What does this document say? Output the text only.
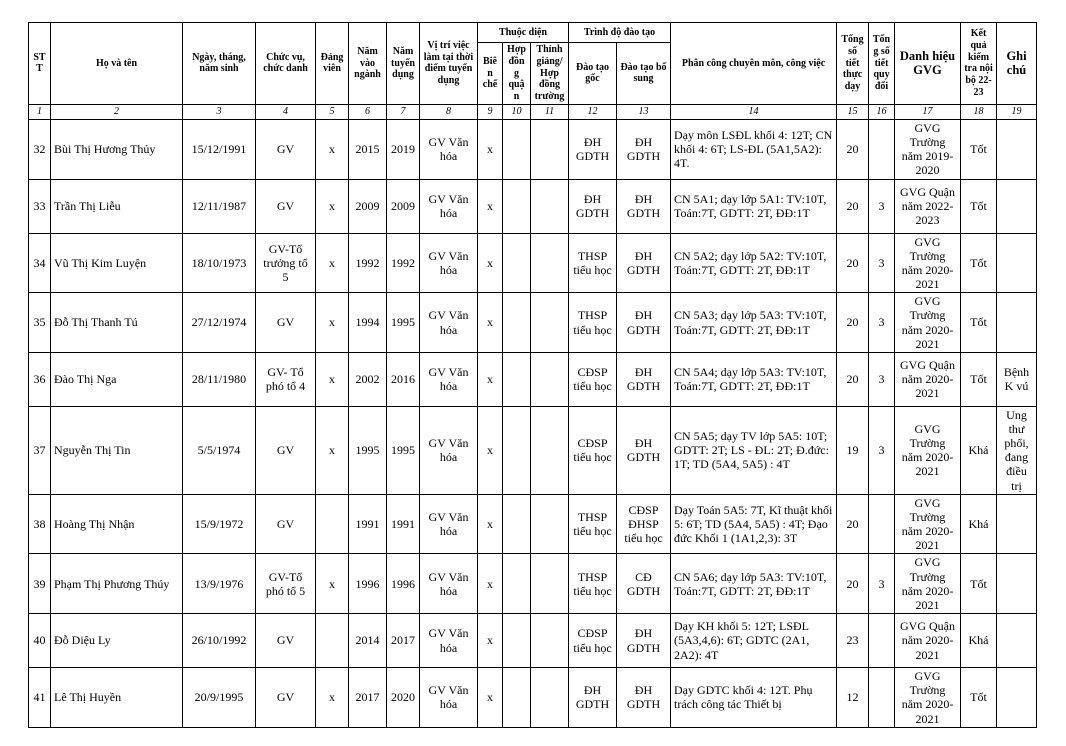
STT	Họ và tên	Ngày, tháng, năm sinh	Chức vụ, chức danh	Đảng viên	Năm vào ngành	Năm tuyển dụng	Vị trí việc làm tại thời điểm tuyển dụng	Thuộc diện			Trình độ đào tạo		Phân công chuyên môn, công việc	Tổng số tiết thực dạy	Tổng số tiết quy đổi	Danh hiệu GVG	Kết quả kiểm tra nội bộ 22- 23	Ghi chú
								Biên chế	Hợp đồng quận	Thỉnh giảng/Hợp đồng trường	Đào tạo gốc	Đào tạo bổ sung						
1	2	3	4	5	6	7	8	9	10	11	12	13	14	15	16	17	18	19
32	Bùi Thị Hương Thủy	15/12/1991	GV	x	2015	2019	GV Văn hóa	x			ĐH GDTH	ĐH GDTH	Dạy môn LSĐL khối 4: 12T; CN khối 4: 6T; LS-ĐL (5A1,5A2): 4T.	20		GVG Trường năm 2019-2020	Tốt	
33	Trần Thị Liễu	12/11/1987	GV	x	2009	2009	GV Văn hóa	x			ĐH GDTH	ĐH GDTH	CN 5A1; dạy lớp 5A1: TV:10T, Toán:7T, GDTT: 2T, ĐĐ:1T	20	3	GVG Quận năm 2022-2023	Tốt	
34	Vũ Thị Kim Luyện	18/10/1973	GV-Tổ trưởng tổ 5	x	1992	1992	GV Văn hóa	x			THSP tiểu học	ĐH GDTH	CN 5A2; dạy lớp 5A2: TV:10T, Toán:7T, GDTT: 2T, ĐĐ:1T	20	3	GVG Trường năm 2020-2021	Tốt	
35	Đỗ Thị Thanh Tú	27/12/1974	GV	x	1994	1995	GV Văn hóa	x			THSP tiểu học	ĐH GDTH	CN 5A3; dạy lớp 5A3: TV:10T, Toán:7T, GDTT: 2T, ĐĐ:1T	20	3	GVG Trường năm 2020-2021	Tốt	
36	Đào Thị Nga	28/11/1980	GV- Tổ phó tổ 4	x	2002	2016	GV Văn hóa	x			CĐSP tiểu học	ĐH GDTH	CN 5A4; dạy lớp 5A3: TV:10T, Toán:7T, GDTT: 2T, ĐĐ:1T	20	3	GVG Quận năm 2020-2021	Tốt	Bệnh K vú
37	Nguyễn Thị Tin	5/5/1974	GV	x	1995	1995	GV Văn hóa	x			CĐSP tiểu học	ĐH GDTH	CN 5A5; dạy TV lớp 5A5: 10T; GDTT: 2T; LS - ĐL: 2T; Đ.đức: 1T; TD (5A4, 5A5) : 4T	19	3	GVG Trường năm 2020-2021	Khá	Ung thư phổi, đang điều trị
38	Hoàng Thị Nhận	15/9/1972	GV		1991	1991	GV Văn hóa	x			THSP tiểu học	CĐSP ĐHSP tiểu học	Dạy Toán 5A5: 7T, Kĩ thuật khối 5: 6T; TD (5A4, 5A5) : 4T; Đạo đức Khối 1 (1A1,2,3): 3T	20		GVG Trường năm 2020-2021	Khá	
39	Phạm Thị Phương Thúy	13/9/1976	GV-Tổ phó tổ 5	x	1996	1996	GV Văn hóa	x			THSP tiểu học	CĐ GDTH	CN 5A6; dạy lớp 5A3: TV:10T, Toán:7T, GDTT: 2T, ĐĐ:1T	20	3	GVG Trường năm 2020-2021	Tốt	
40	Đỗ Diệu Ly	26/10/1992	GV		2014	2017	GV Văn hóa	x			CĐSP tiểu học	ĐH GDTH	Dạy KH khối 5: 12T; LSĐL (5A3,4,6): 6T; GDTC (2A1, 2A2): 4T	23		GVG Quận năm 2020-2021	Khá	
41	Lê Thị Huyền	20/9/1995	GV	x	2017	2020	GV Văn hóa	x			ĐH GDTH	ĐH GDTH	Dạy GDTC khối 4: 12T. Phụ trách công tác Thiết bị	12		GVG Trường năm 2020-2021	Tốt	
